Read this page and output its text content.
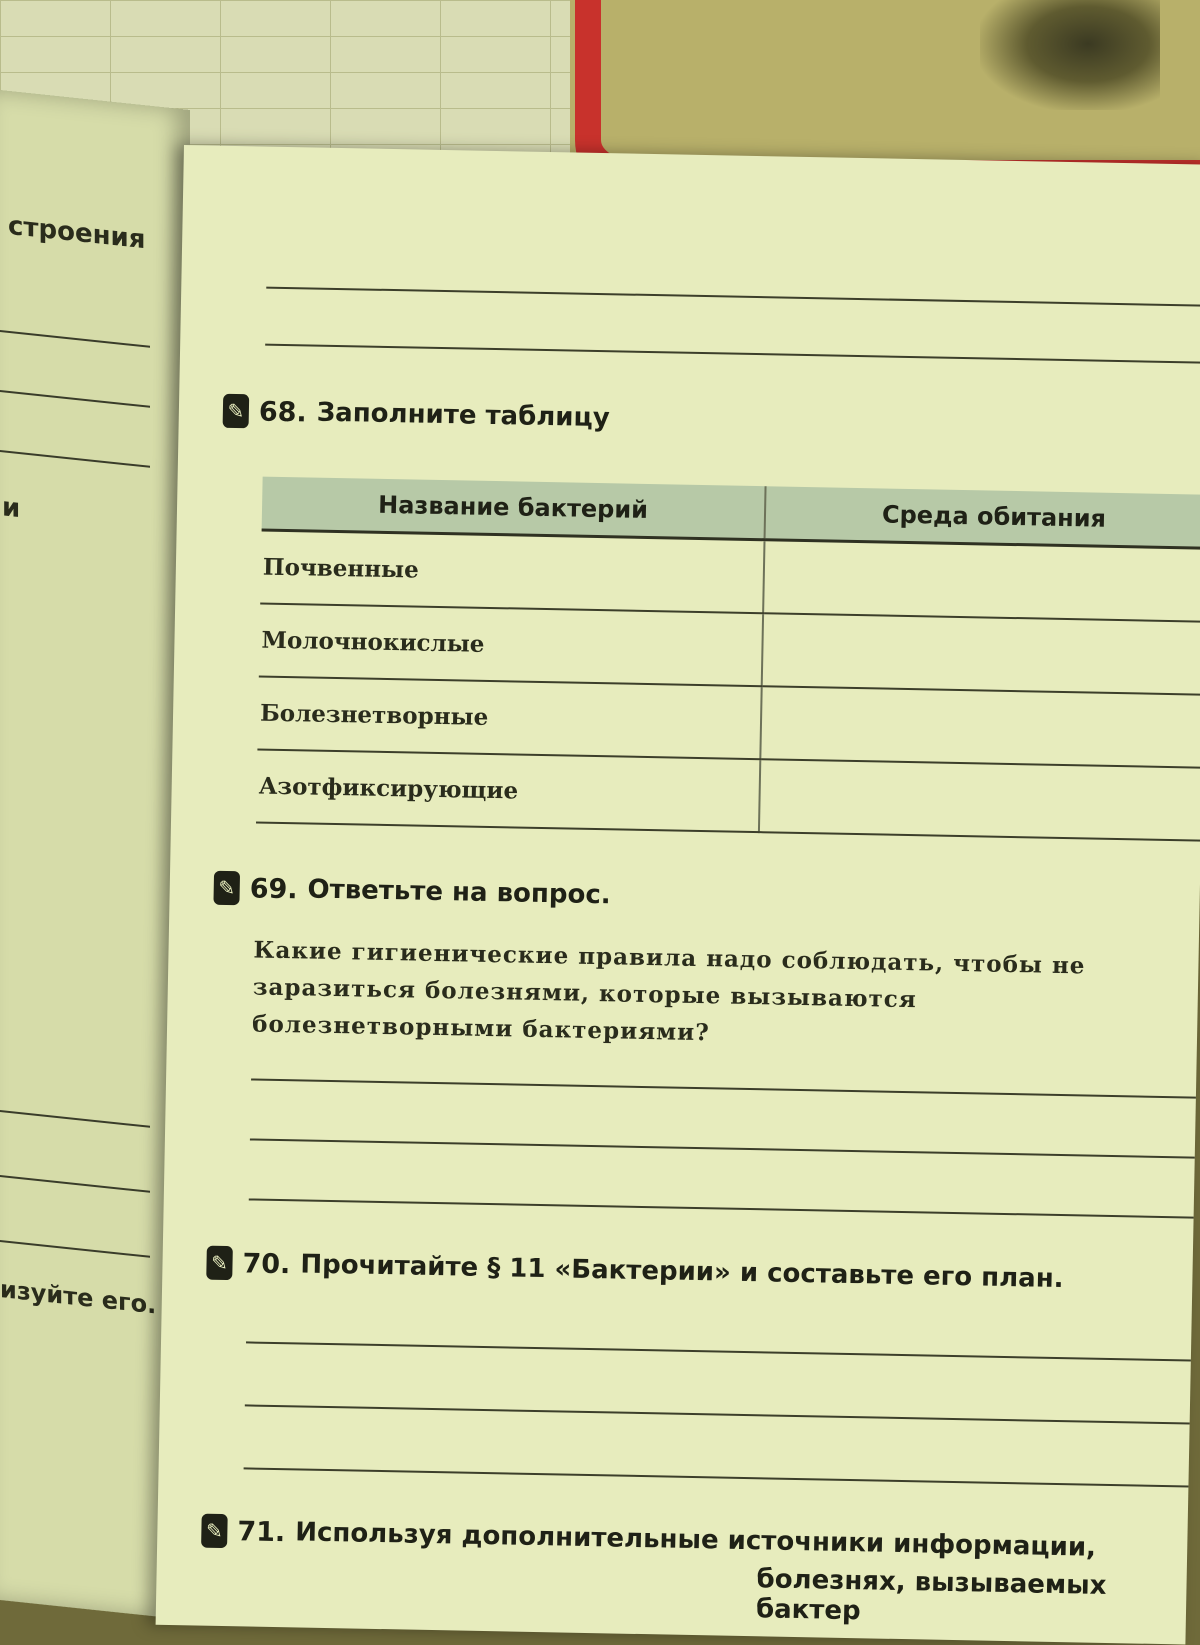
строения
и
изуйте его.
✎ 68. Заполните таблицу
Название бактерий	Среда обитания
Почвенные	
Молочнокислые	
Болезнетворные	
Азотфиксирующие	
✎ 69. Ответьте на вопрос.
Какие гигиенические правила надо соблюдать, чтобы не заразиться болезнями, которые вызываются болезнетворными бактериями?
✎ 70. Прочитайте § 11 «Бактерии» и составьте его план.
✎ 71. Используя дополнительные источники информации,
болезнях, вызываемых бактер
